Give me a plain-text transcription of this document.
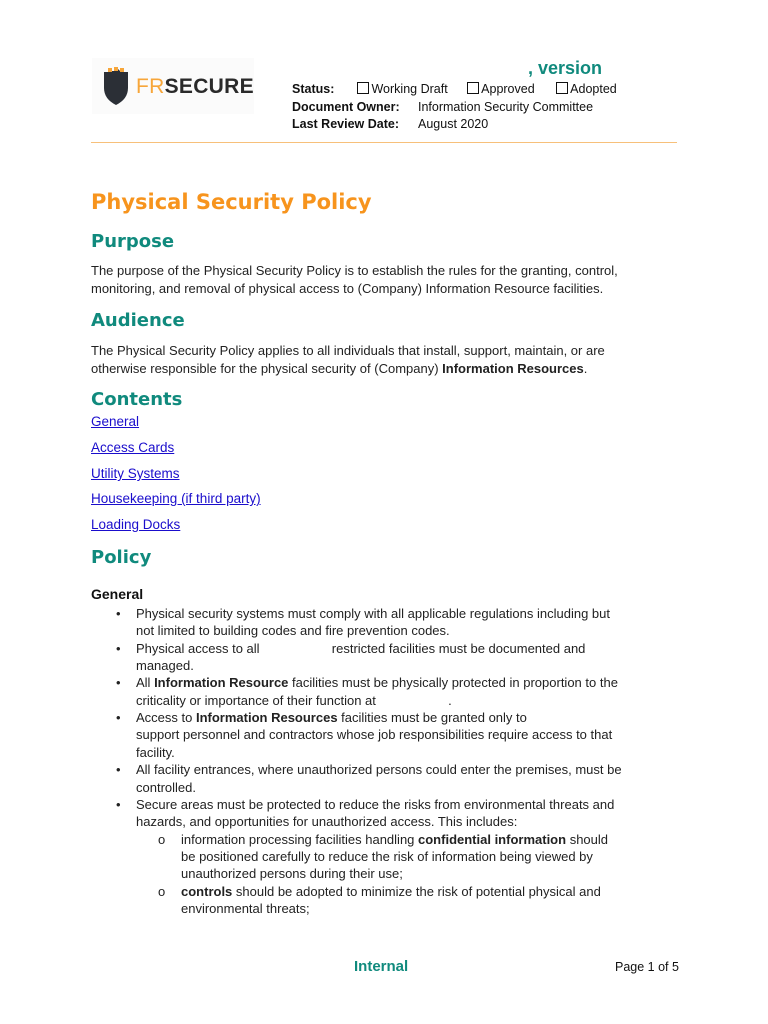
FRSECURE
, version
Status:	Working Draft	Approved	Adopted
Document Owner: Information Security Committee
Last Review Date: August 2020
Physical Security Policy
Purpose
The purpose of the Physical Security Policy is to establish the rules for the granting, control,
monitoring, and removal of physical access to (Company) Information Resource facilities.
Audience
The Physical Security Policy applies to all individuals that install, support, maintain, or are
otherwise responsible for the physical security of (Company) Information Resources.
Contents
General
Access Cards
Utility Systems
Housekeeping (if third party)
Loading Docks
Policy
General
• Physical security systems must comply with all applicable regulations including but
not limited to building codes and fire prevention codes.
• Physical access to all                    restricted facilities must be documented and
managed.
• All Information Resource facilities must be physically protected in proportion to the
criticality or importance of their function at                    .
• Access to Information Resources facilities must be granted only to
support personnel and contractors whose job responsibilities require access to that
facility.
• All facility entrances, where unauthorized persons could enter the premises, must be
controlled.
• Secure areas must be protected to reduce the risks from environmental threats and
hazards, and opportunities for unauthorized access. This includes:
o information processing facilities handling confidential information should
be positioned carefully to reduce the risk of information being viewed by
unauthorized persons during their use;
o controls should be adopted to minimize the risk of potential physical and
environmental threats;
Internal	Page 1 of 5
